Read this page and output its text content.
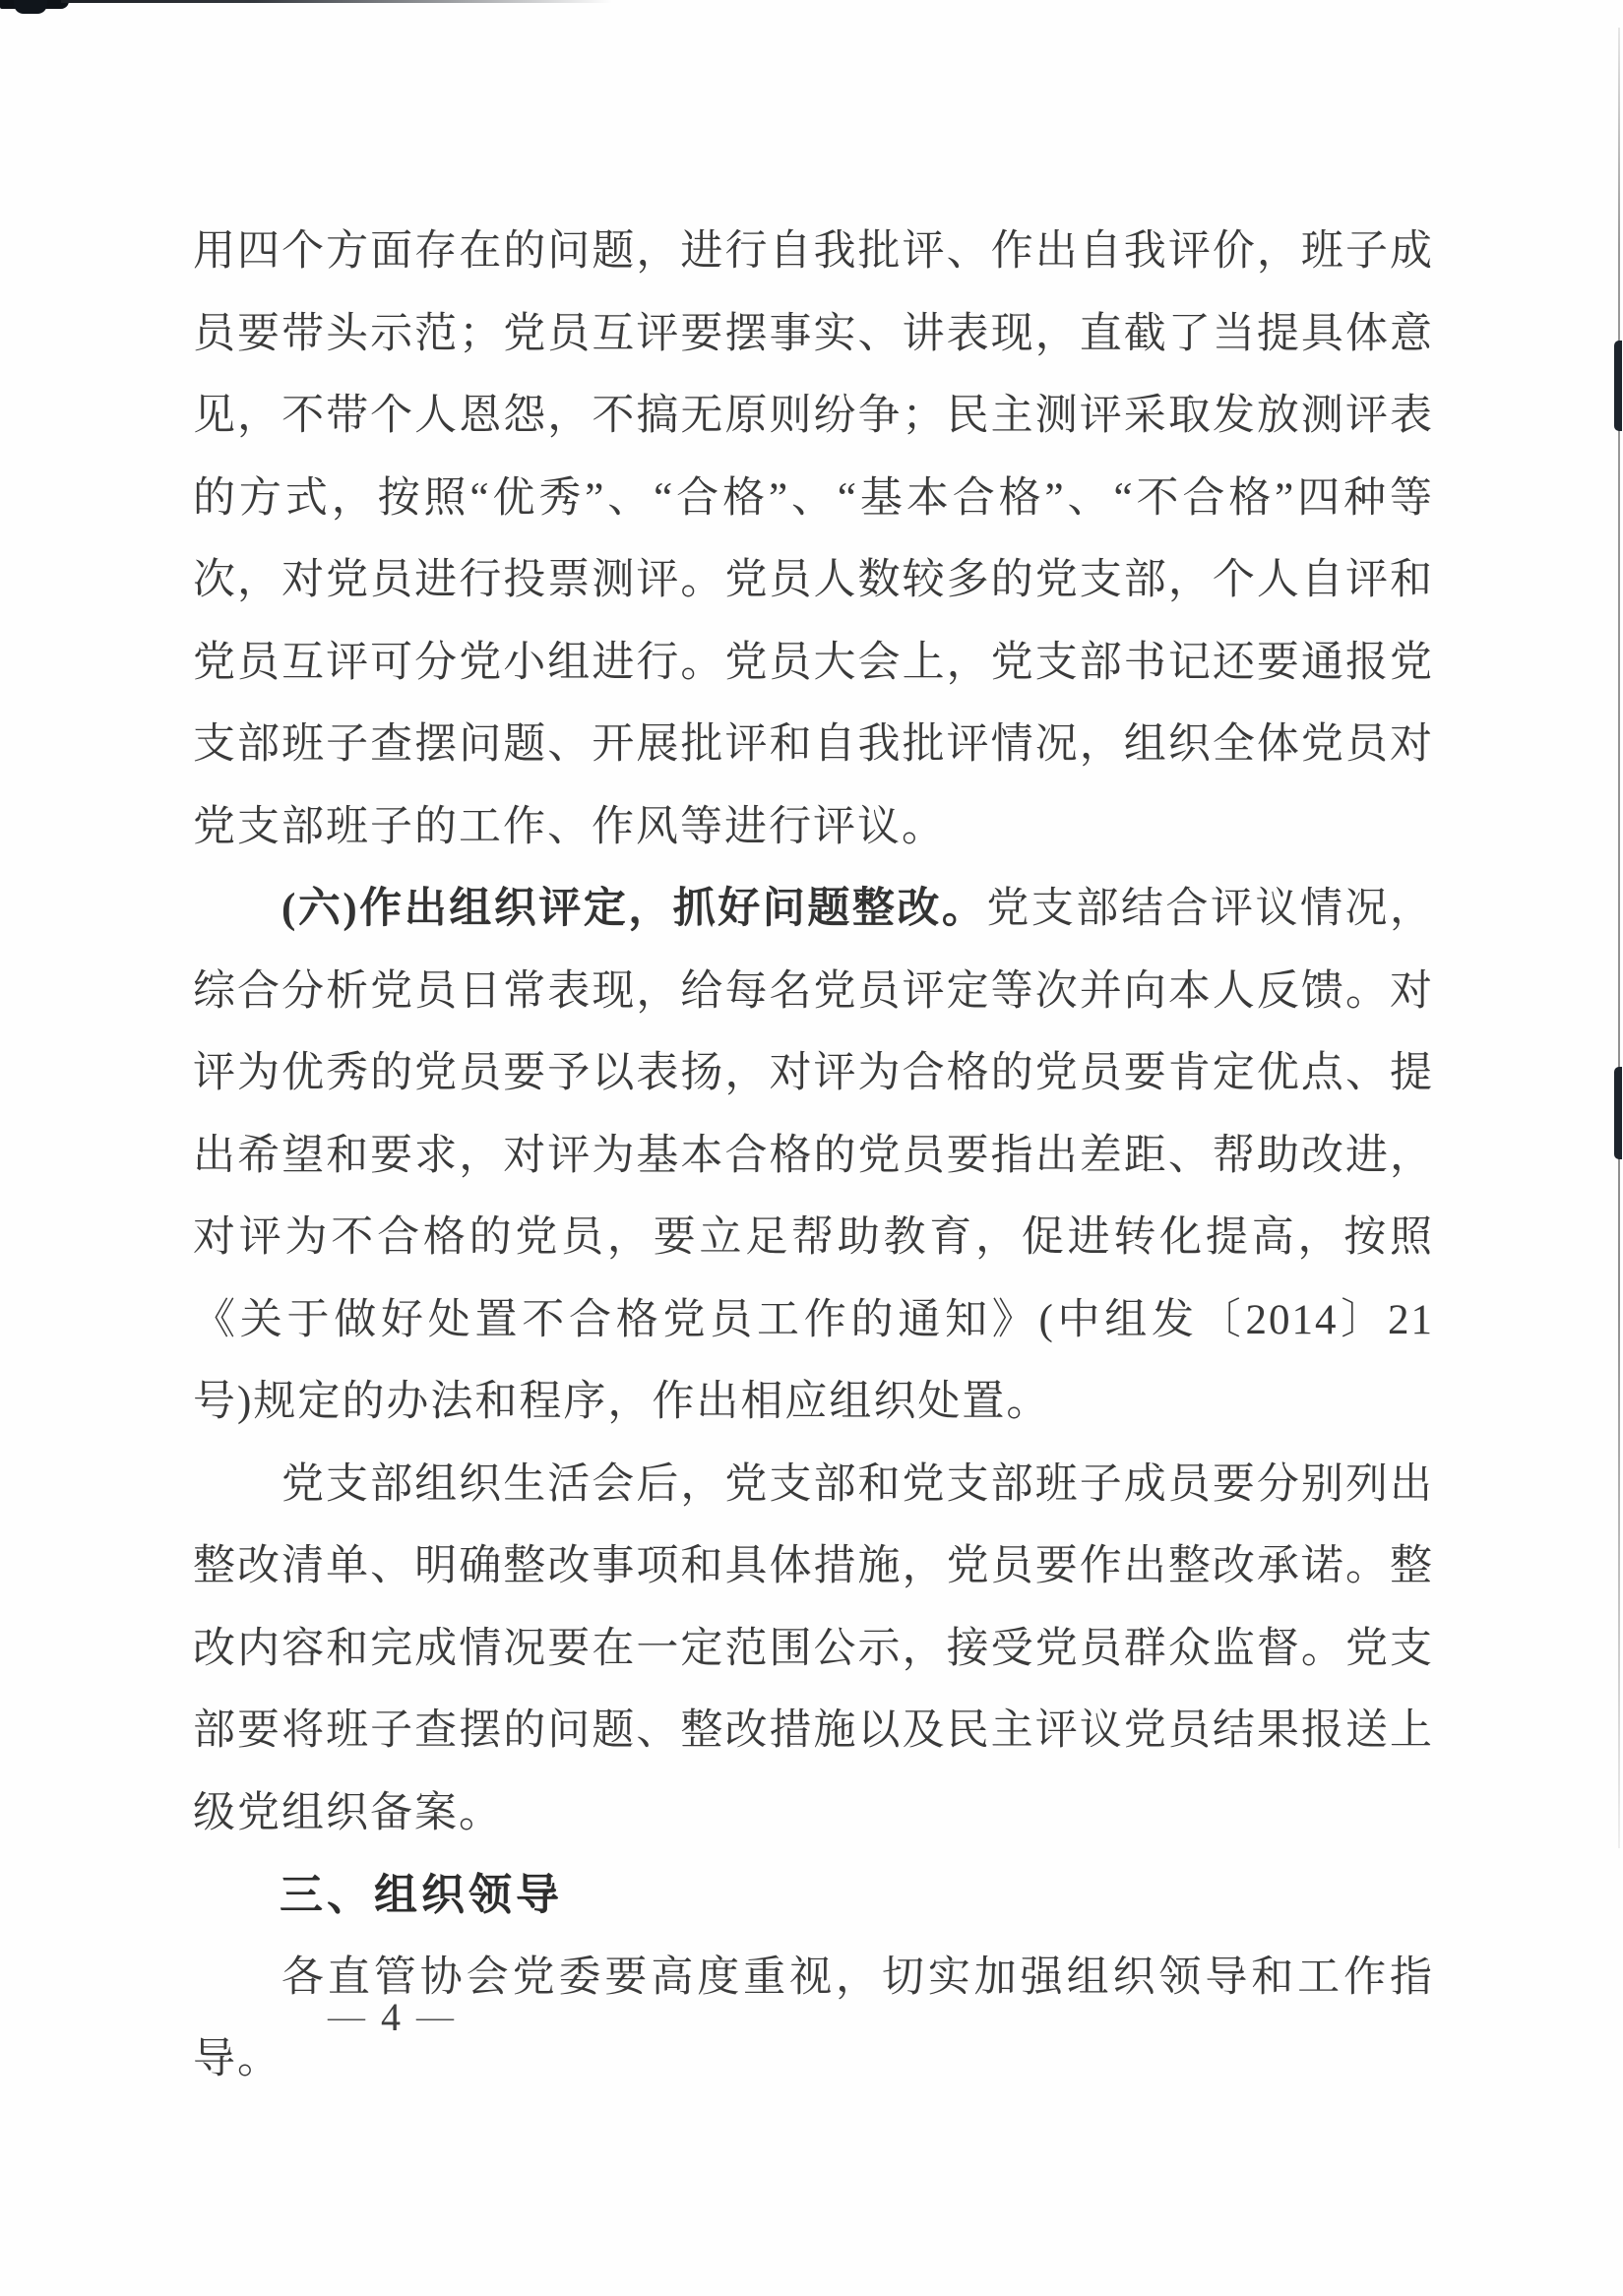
用四个方面存在的问题，进行自我批评、作出自我评价，班子成员要带头示范；党员互评要摆事实、讲表现，直截了当提具体意见，不带个人恩怨，不搞无原则纷争；民主测评采取发放测评表的方式，按照“优秀”、“合格”、“基本合格”、“不合格”四种等次，对党员进行投票测评。党员人数较多的党支部，个人自评和党员互评可分党小组进行。党员大会上，党支部书记还要通报党支部班子查摆问题、开展批评和自我批评情况，组织全体党员对党支部班子的工作、作风等进行评议。

(六)作出组织评定，抓好问题整改。党支部结合评议情况，综合分析党员日常表现，给每名党员评定等次并向本人反馈。对评为优秀的党员要予以表扬，对评为合格的党员要肯定优点、提出希望和要求，对评为基本合格的党员要指出差距、帮助改进，对评为不合格的党员，要立足帮助教育，促进转化提高，按照《关于做好处置不合格党员工作的通知》(中组发〔2014〕21 号)规定的办法和程序，作出相应组织处置。

党支部组织生活会后，党支部和党支部班子成员要分别列出整改清单、明确整改事项和具体措施，党员要作出整改承诺。整改内容和完成情况要在一定范围公示，接受党员群众监督。党支部要将班子查摆的问题、整改措施以及民主评议党员结果报送上级党组织备案。

三、组织领导

各直管协会党委要高度重视，切实加强组织领导和工作指导。

— 4 —
